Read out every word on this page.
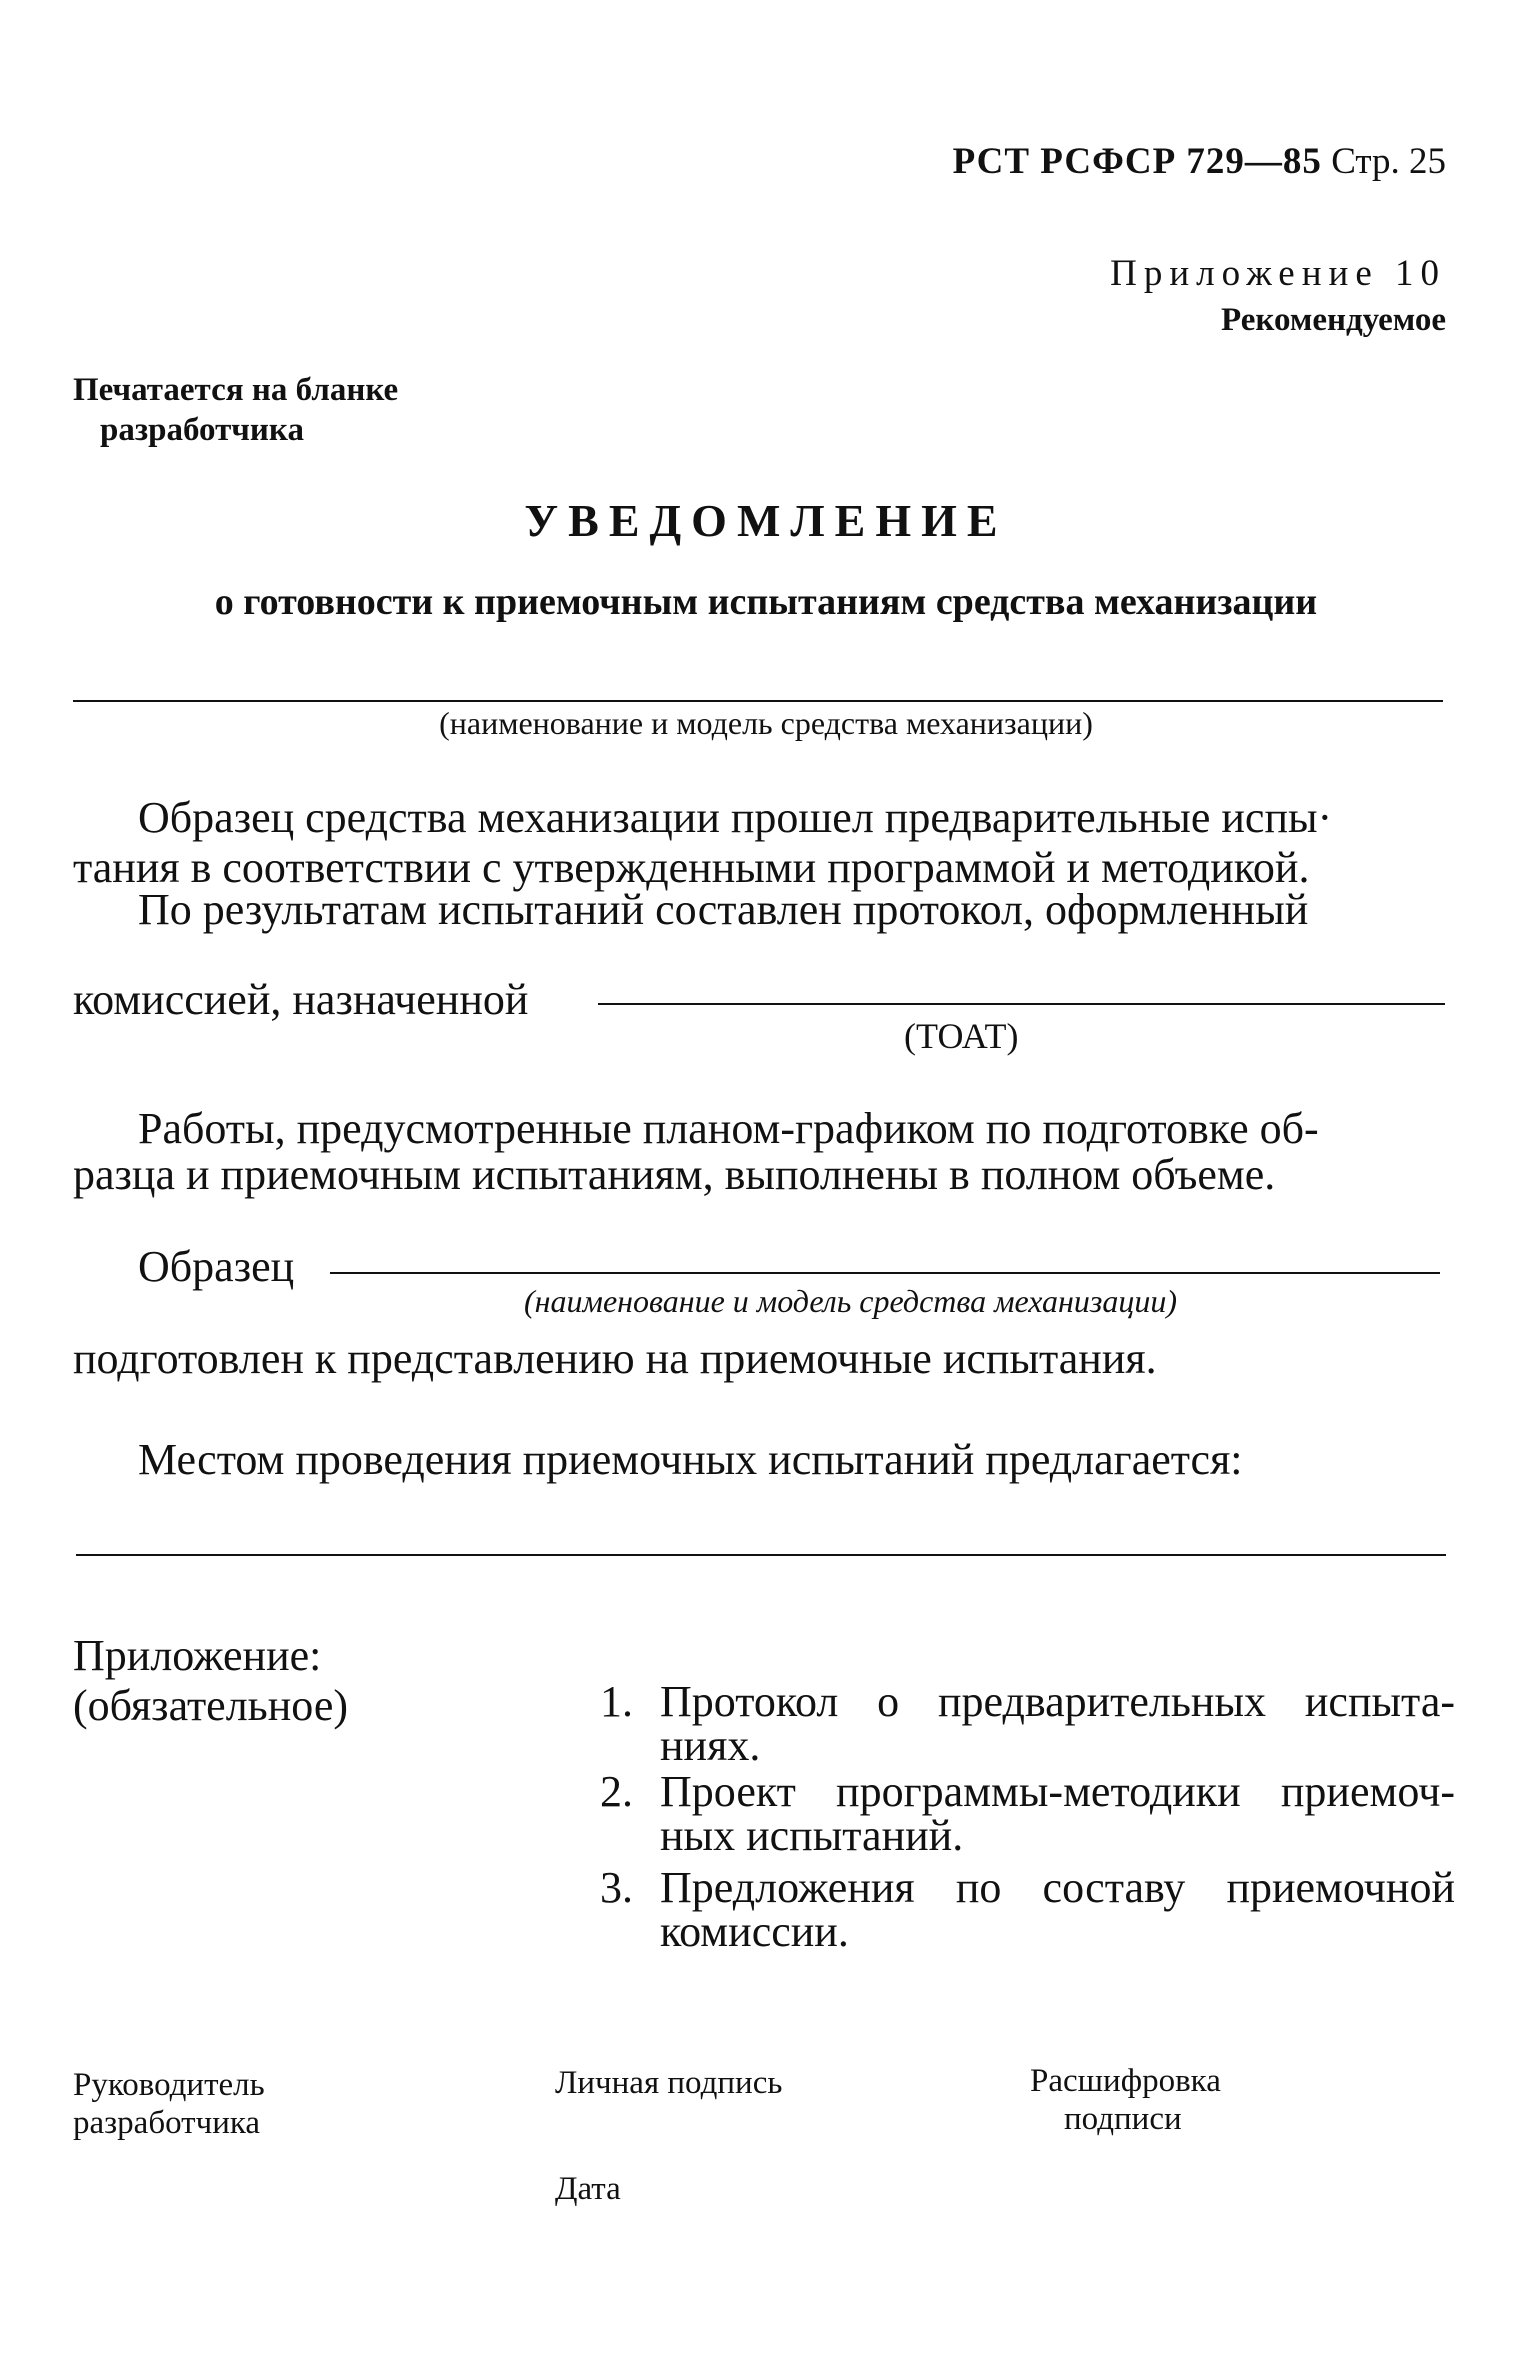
РСТ РСФСР 729—85 Стр. 25
Приложение 10
Рекомендуемое
Печатается на бланке
разработчика
УВЕДОМЛЕНИЕ
о готовности к приемочным испытаниям средства механизации
(наименование и модель средства механизации)
Образец средства механизации прошел предварительные испы·
тания в соответствии с утвержденными программой и методикой.
По результатам испытаний составлен протокол, оформленный
комиссией, назначенной
(ТОАТ)
Работы, предусмотренные планом-графиком по подготовке об-
разца и приемочным испытаниям, выполнены в полном объеме.
Образец
(наименование и модель средства механизации)
подготовлен к представлению на приемочные испытания.
Местом проведения приемочных испытаний предлагается:
Приложение:
(обязательное)	1. Протокол о предварительных испыта-ниях.
2. Проект программы-методики приемоч-ных испытаний.
3. Предложения по составу приемочной комиссии.
Руководитель
разработчика
Личная подпись	Расшифровка
подписи
Дата
